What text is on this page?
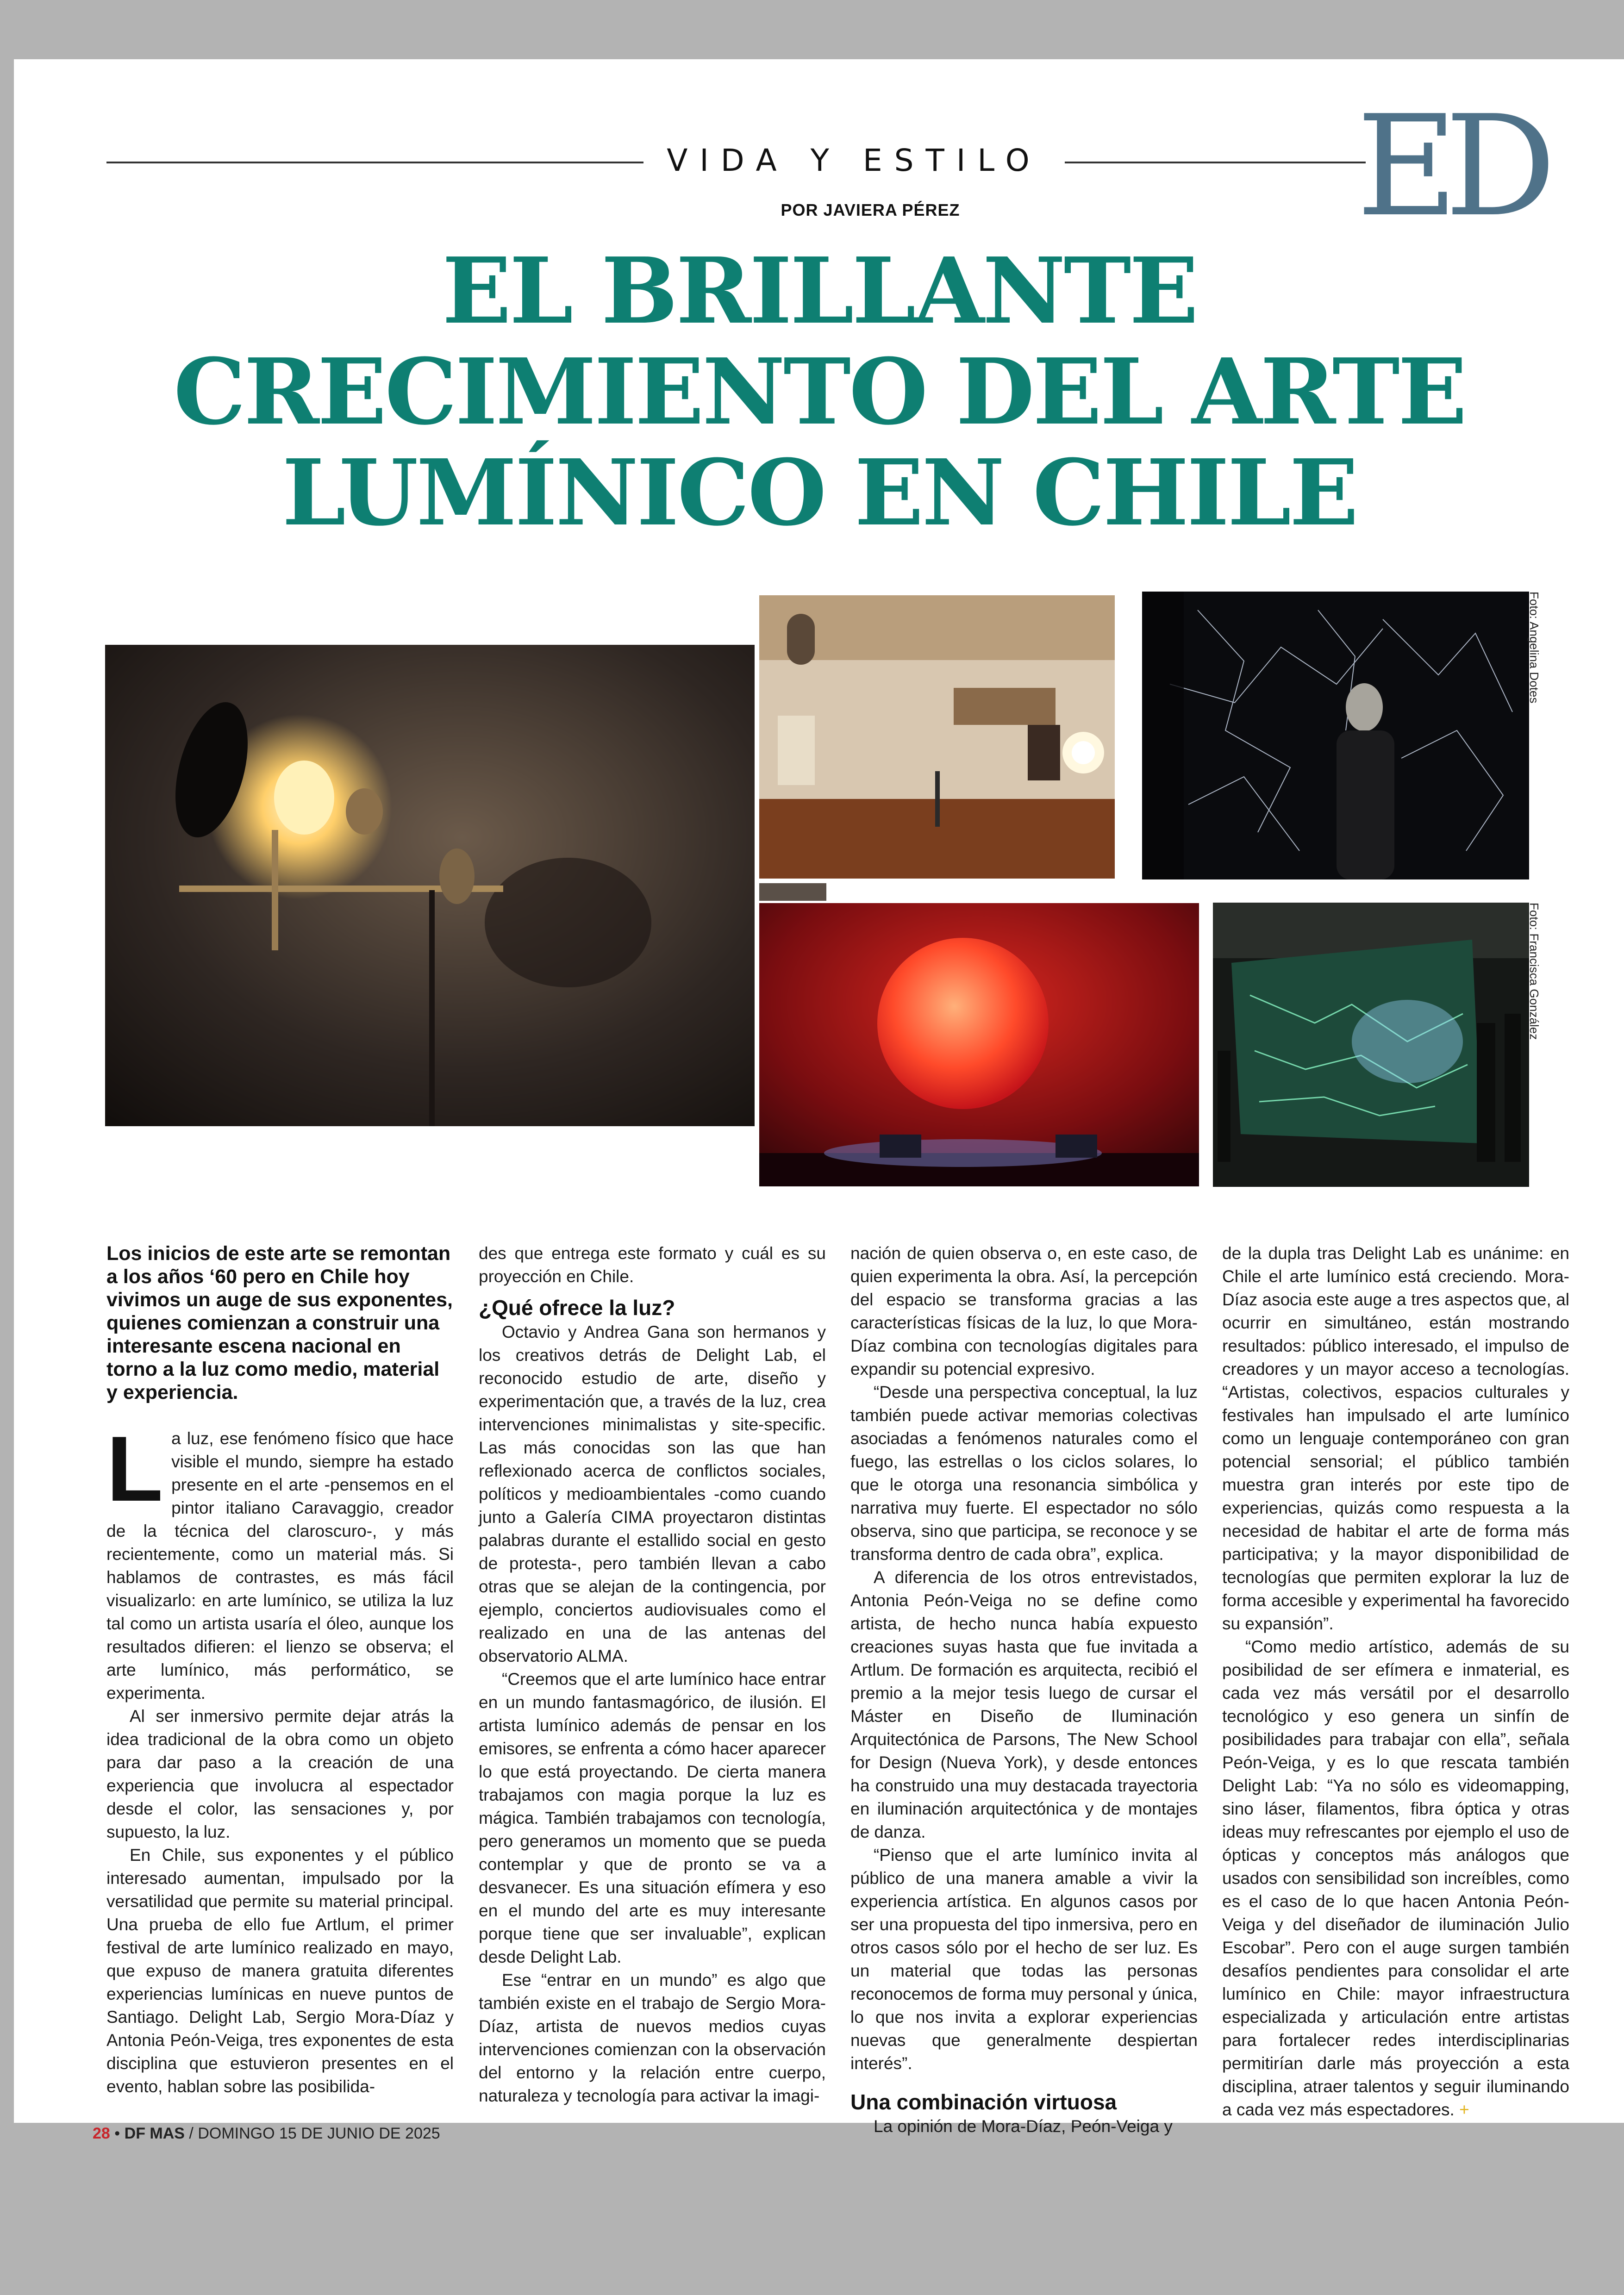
VIDA Y ESTILO ED
POR JAVIERA PÉREZ
EL BRILLANTE
CRECIMIENTO DEL ARTE
LUMÍNICO EN CHILE
Foto: Angelina Dotes
Foto: Francisca González

Los inicios de este arte se remontan a los años ‘60 pero en Chile hoy vivimos un auge de sus exponentes, quienes comienzan a construir una interesante escena nacional en torno a la luz como medio, material y experiencia.

La luz, ese fenómeno físico que hace visible el mundo, siempre ha estado presente en el arte -pensemos en el pintor italiano Caravaggio, creador de la técnica del claroscuro-, y más recientemente, como un material más. Si hablamos de contrastes, es más fácil visualizarlo: en arte lumínico, se utiliza la luz tal como un artista usaría el óleo, aunque los resultados difieren: el lienzo se observa; el arte lumínico, más performático, se experimenta.

Al ser inmersivo permite dejar atrás la idea tradicional de la obra como un objeto para dar paso a la creación de una experiencia que involucra al espectador desde el color, las sensaciones y, por supuesto, la luz.

En Chile, sus exponentes y el público interesado aumentan, impulsado por la versatilidad que permite su material principal. Una prueba de ello fue Artlum, el primer festival de arte lumínico realizado en mayo, que expuso de manera gratuita diferentes experiencias lumínicas en nueve puntos de Santiago. Delight Lab, Sergio Mora-Díaz y Antonia Peón-Veiga, tres exponentes de esta disciplina que estuvieron presentes en el evento, hablan sobre las posibilida-

des que entrega este formato y cuál es su proyección en Chile.

¿Qué ofrece la luz?

Octavio y Andrea Gana son hermanos y los creativos detrás de Delight Lab, el reconocido estudio de arte, diseño y experimentación que, a través de la luz, crea intervenciones minimalistas y site-specific. Las más conocidas son las que han reflexionado acerca de conflictos sociales, políticos y medioambientales -como cuando junto a Galería CIMA proyectaron distintas palabras durante el estallido social en gesto de protesta-, pero también llevan a cabo otras que se alejan de la contingencia, por ejemplo, conciertos audiovisuales como el realizado en una de las antenas del observatorio ALMA.

“Creemos que el arte lumínico hace entrar en un mundo fantasmagórico, de ilusión. El artista lumínico además de pensar en los emisores, se enfrenta a cómo hacer aparecer lo que está proyectando. De cierta manera trabajamos con magia porque la luz es mágica. También trabajamos con tecnología, pero generamos un momento que se pueda contemplar y que de pronto se va a desvanecer. Es una situación efímera y eso en el mundo del arte es muy interesante porque tiene que ser invaluable”, explican desde Delight Lab.

Ese “entrar en un mundo” es algo que también existe en el trabajo de Sergio Mora-Díaz, artista de nuevos medios cuyas intervenciones comienzan con la observación del entorno y la relación entre cuerpo, naturaleza y tecnología para activar la imagi-

nación de quien observa o, en este caso, de quien experimenta la obra. Así, la percepción del espacio se transforma gracias a las características físicas de la luz, lo que Mora-Díaz combina con tecnologías digitales para expandir su potencial expresivo.

“Desde una perspectiva conceptual, la luz también puede activar memorias colectivas asociadas a fenómenos naturales como el fuego, las estrellas o los ciclos solares, lo que le otorga una resonancia simbólica y narrativa muy fuerte. El espectador no sólo observa, sino que participa, se reconoce y se transforma dentro de cada obra”, explica.

A diferencia de los otros entrevistados, Antonia Peón-Veiga no se define como artista, de hecho nunca había expuesto creaciones suyas hasta que fue invitada a Artlum. De formación es arquitecta, recibió el premio a la mejor tesis luego de cursar el Máster en Diseño de Iluminación Arquitectónica de Parsons, The New School for Design (Nueva York), y desde entonces ha construido una muy destacada trayectoria en iluminación arquitectónica y de montajes de danza.

“Pienso que el arte lumínico invita al público de una manera amable a vivir la experiencia artística. En algunos casos por ser una propuesta del tipo inmersiva, pero en otros casos sólo por el hecho de ser luz. Es un material que todas las personas reconocemos de forma muy personal y única, lo que nos invita a explorar experiencias nuevas que generalmente despiertan interés”.

Una combinación virtuosa

La opinión de Mora-Díaz, Peón-Veiga y

de la dupla tras Delight Lab es unánime: en Chile el arte lumínico está creciendo. Mora-Díaz asocia este auge a tres aspectos que, al ocurrir en simultáneo, están mostrando resultados: público interesado, el impulso de creadores y un mayor acceso a tecnologías. “Artistas, colectivos, espacios culturales y festivales han impulsado el arte lumínico como un lenguaje contemporáneo con gran potencial sensorial; el público también muestra gran interés por este tipo de experiencias, quizás como respuesta a la necesidad de habitar el arte de forma más participativa; y la mayor disponibilidad de tecnologías que permiten explorar la luz de forma accesible y experimental ha favorecido su expansión”.

“Como medio artístico, además de su posibilidad de ser efímera e inmaterial, es cada vez más versátil por el desarrollo tecnológico y eso genera un sinfín de posibilidades para trabajar con ella”, señala Peón-Veiga, y es lo que rescata también Delight Lab: “Ya no sólo es videomapping, sino láser, filamentos, fibra óptica y otras ideas muy refrescantes por ejemplo el uso de ópticas y conceptos más análogos que usados con sensibilidad son increíbles, como es el caso de lo que hacen Antonia Peón-Veiga y del diseñador de iluminación Julio Escobar”. Pero con el auge surgen también desafíos pendientes para consolidar el arte lumínico en Chile: mayor infraestructura especializada y articulación entre artistas para fortalecer redes interdisciplinarias permitirían darle más proyección a esta disciplina, atraer talentos y seguir iluminando a cada vez más espectadores. +

28 • DF MAS / DOMINGO 15 DE JUNIO DE 2025
